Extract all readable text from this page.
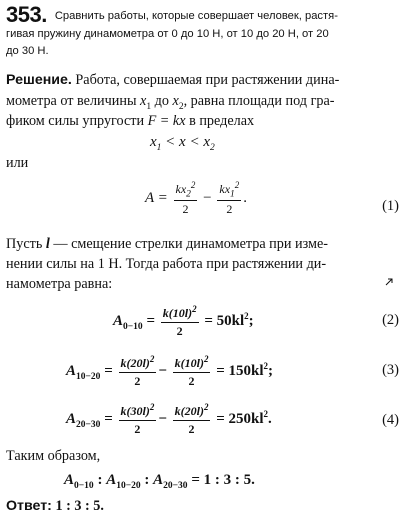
353. Сравнить работы, которые совершает человек, растя-
гивая пружину динамометра от 0 до 10 Н, от 10 до 20 Н, от 20
до 30 Н.
Решение. Работа, совершаемая при растяжении дина-
мометра от величины $x_1$ до $x_2$, равна площади под гра-
фиком силы упругости F = kx в пределах
$x_1 < x < x_2$
или
$A = \frac{kx_2^2}{2} - \frac{kx_1^2}{2}$ .	(1)
Пусть l — смещение стрелки динамометра при изме-
нении силы на 1 Н. Тогда работа при растяжении ди-
намометра равна:
$A_{0-10} = \frac{k(10l)^2}{2} = 50kl^2$;	(2)
$A_{10-20} = \frac{k(20l)^2}{2} - \frac{k(10l)^2}{2} = 150kl^2$;	(3)
$A_{20-30} = \frac{k(30l)^2}{2} - \frac{k(20l)^2}{2} = 250kl^2$.	(4)
Таким образом,
$A_{0-10}$ : $A_{10-20}$ : $A_{20-30} = 1$ : 3 : 5.
Ответ: 1 : 3 : 5.
